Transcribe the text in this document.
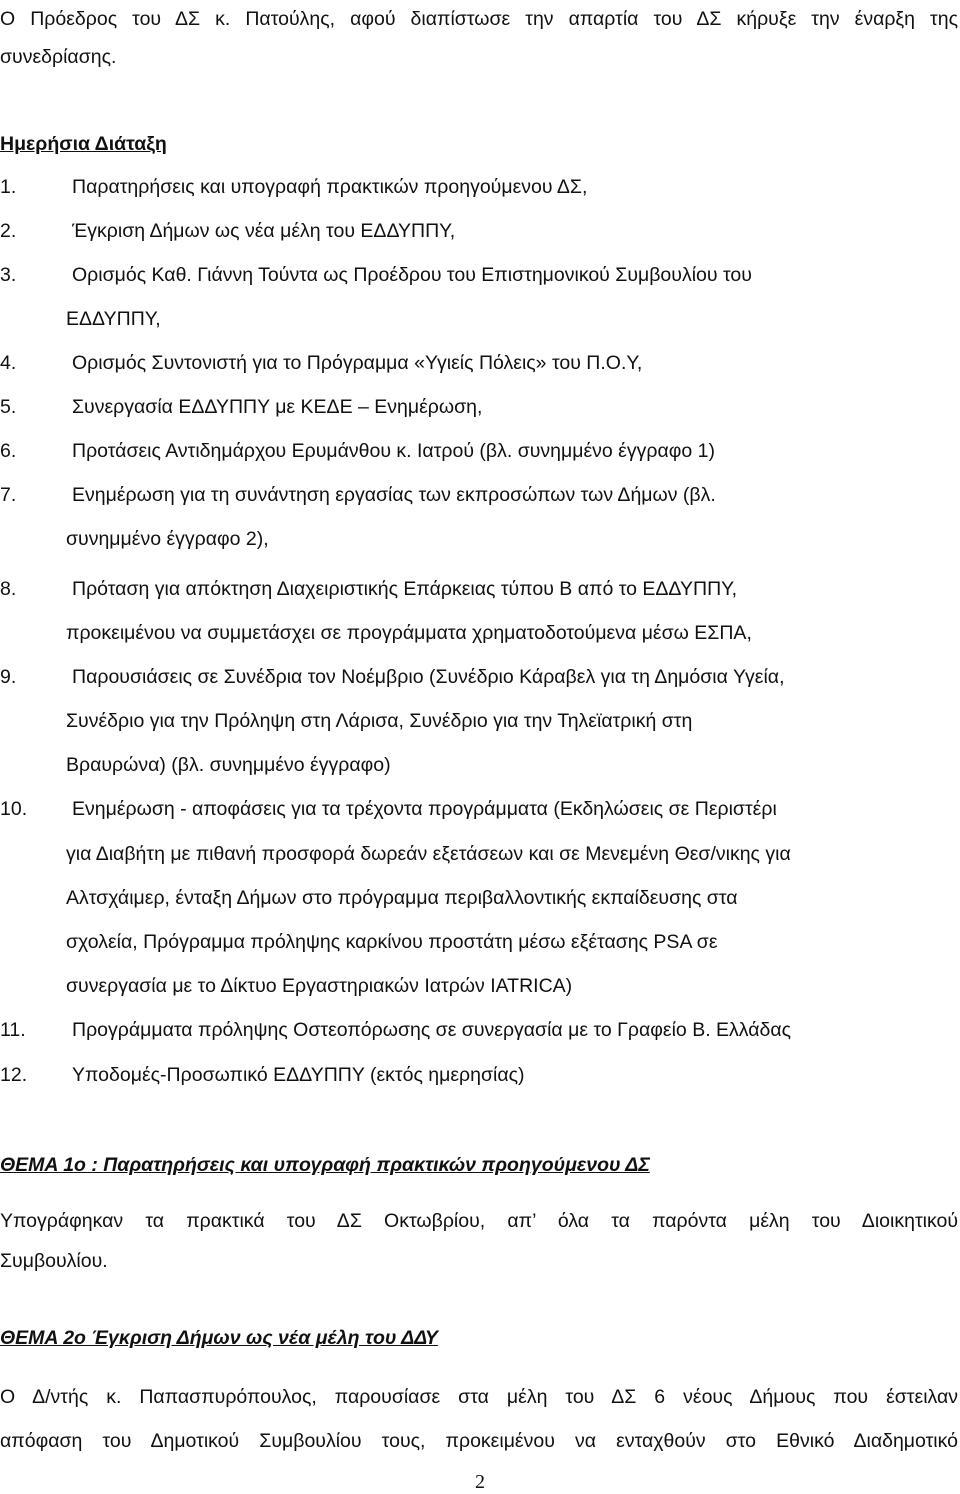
Ο Πρόεδρος του ΔΣ κ. Πατούλης, αφού διαπίστωσε την απαρτία του ΔΣ κήρυξε την έναρξη της
συνεδρίασης.
Ημερήσια Διάταξη
1.	Παρατηρήσεις και υπογραφή πρακτικών προηγούμενου ΔΣ,
2.	Έγκριση Δήμων ως νέα μέλη του ΕΔΔΥΠΠΥ,
3.	Ορισμός Καθ. Γιάννη Τούντα ως Προέδρου του Επιστημονικού Συμβουλίου του
ΕΔΔΥΠΠΥ,
4.	Ορισμός Συντονιστή για το Πρόγραμμα «Υγιείς Πόλεις» του Π.Ο.Υ,
5.	Συνεργασία ΕΔΔΥΠΠΥ με ΚΕΔΕ – Ενημέρωση,
6.	Προτάσεις Αντιδημάρχου Ερυμάνθου κ. Ιατρού (βλ. συνημμένο έγγραφο 1)
7.	Ενημέρωση για τη συνάντηση εργασίας των εκπροσώπων των Δήμων (βλ.
συνημμένο έγγραφο 2),
8.	Πρόταση για απόκτηση Διαχειριστικής Επάρκειας τύπου Β από το ΕΔΔΥΠΠΥ,
προκειμένου να συμμετάσχει σε προγράμματα χρηματοδοτούμενα μέσω ΕΣΠΑ,
9.	Παρουσιάσεις σε Συνέδρια τον Νοέμβριο (Συνέδριο Κάραβελ για τη Δημόσια Υγεία,
Συνέδριο για την Πρόληψη στη Λάρισα, Συνέδριο για την Τηλεϊατρική στη
Βραυρώνα) (βλ. συνημμένο έγγραφο)
10. Ενημέρωση - αποφάσεις για τα τρέχοντα προγράμματα (Εκδηλώσεις σε Περιστέρι
για Διαβήτη με πιθανή προσφορά δωρεάν εξετάσεων και σε Μενεμένη Θεσ/νικης για
Αλτσχάιμερ, ένταξη Δήμων στο πρόγραμμα περιβαλλοντικής εκπαίδευσης στα
σχολεία, Πρόγραμμα πρόληψης καρκίνου προστάτη μέσω εξέτασης PSA σε
συνεργασία με το Δίκτυο Εργαστηριακών Ιατρών IATRICA)
11. Προγράμματα πρόληψης Οστεοπόρωσης σε συνεργασία με το Γραφείο Β. Ελλάδας
12. Υποδομές-Προσωπικό ΕΔΔΥΠΠΥ (εκτός ημερησίας)
ΘΕΜΑ 1ο : Παρατηρήσεις και υπογραφή πρακτικών προηγούμενου ΔΣ
Υπογράφηκαν τα πρακτικά του ΔΣ Οκτωβρίου, απ’ όλα τα παρόντα μέλη του Διοικητικού
Συμβουλίου.
ΘΕΜΑ 2ο Έγκριση Δήμων ως νέα μέλη του ΔΔΥ
Ο Δ/ντής κ. Παπασπυρόπουλος, παρουσίασε στα μέλη του ΔΣ 6 νέους Δήμους που έστειλαν
απόφαση του Δημοτικού Συμβουλίου τους, προκειμένου να ενταχθούν στο Εθνικό Διαδημοτικό
2
